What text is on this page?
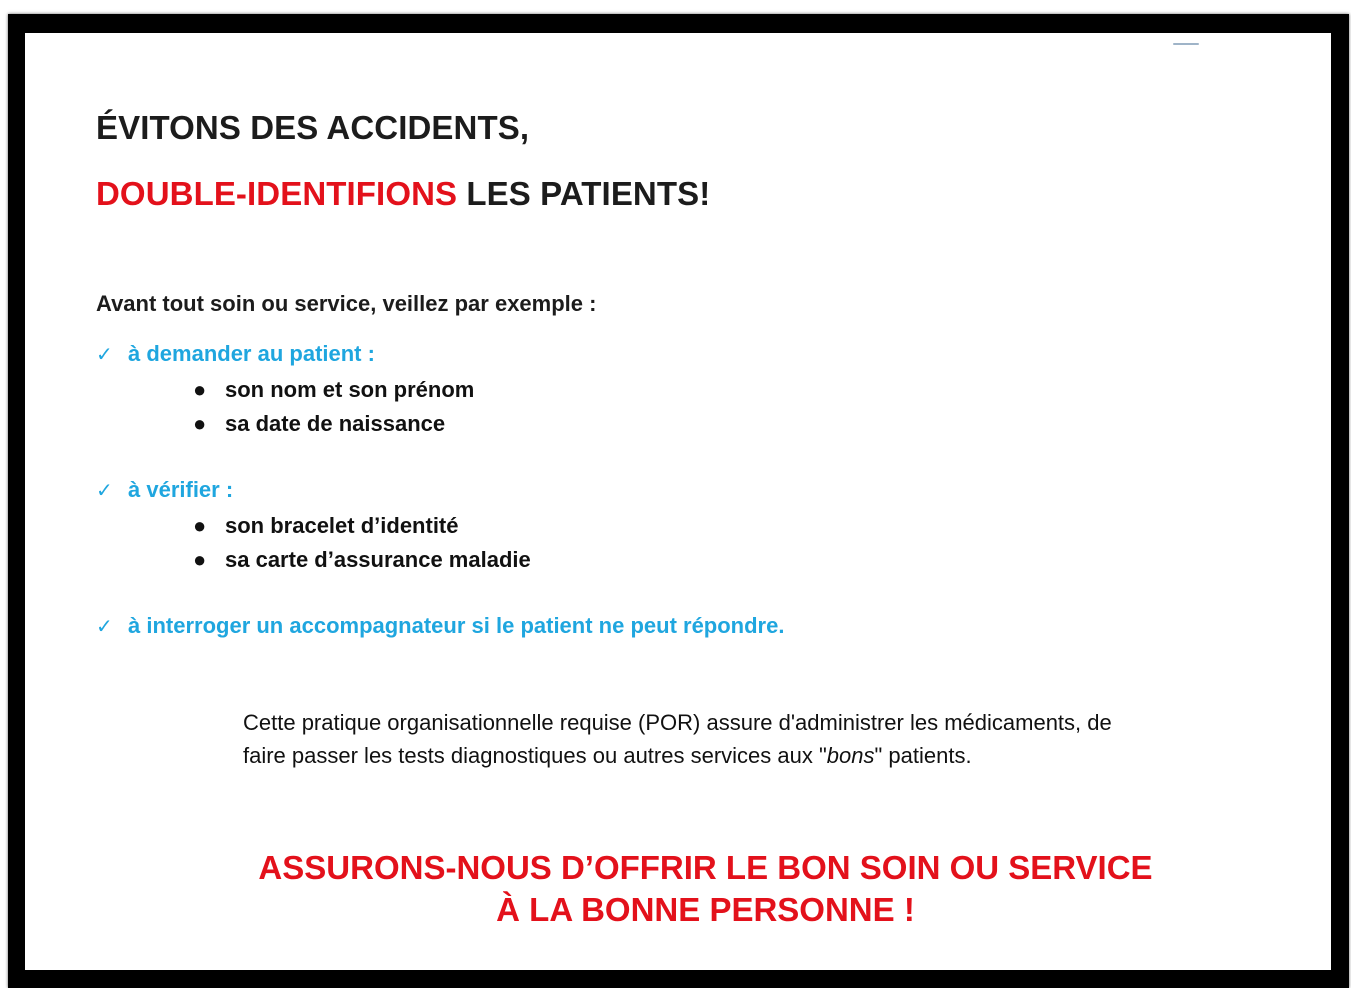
ÉVITONS DES ACCIDENTS,
DOUBLE-IDENTIFIONS LES PATIENTS!
Avant tout soin ou service, veillez par exemple :
✓ à demander au patient :
● son nom et son prénom
● sa date de naissance
✓ à vérifier :
● son bracelet d’identité
● sa carte d’assurance maladie
✓ à interroger un accompagnateur si le patient ne peut répondre.
Cette pratique organisationnelle requise (POR) assure d'administrer les médicaments, de faire passer les tests diagnostiques ou autres services aux "bons" patients.
ASSURONS-NOUS D’OFFRIR LE BON SOIN OU SERVICE
À LA BONNE PERSONNE !
